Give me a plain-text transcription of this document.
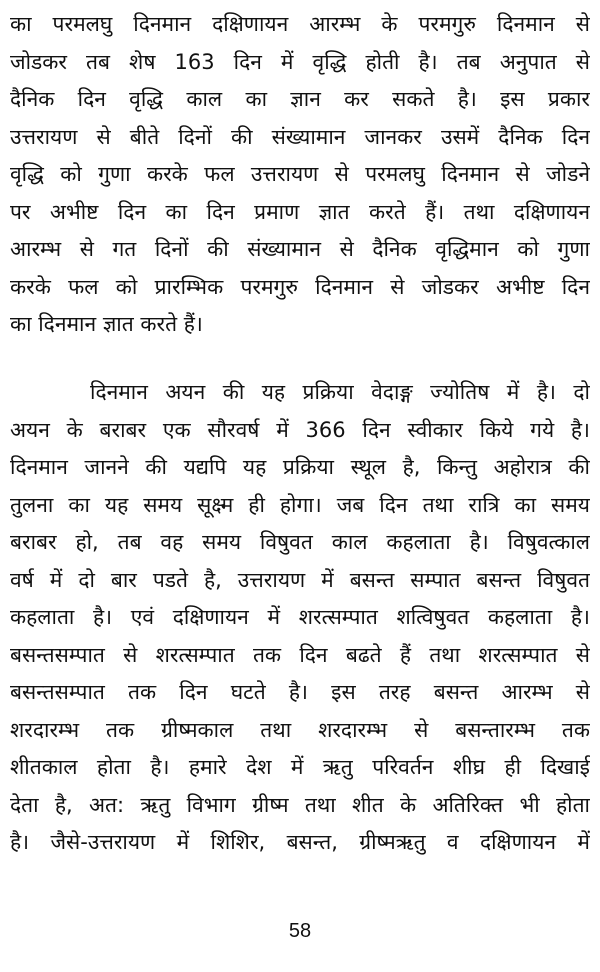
का परमलघु दिनमान दक्षिणायन आरम्भ के परमगुरु दिनमान से
जोडकर तब शेष 163 दिन में वृद्धि होती है। तब अनुपात से
दैनिक दिन वृद्धि काल का ज्ञान कर सकते है। इस प्रकार
उत्तरायण से बीते दिनों की संख्यामान जानकर उसमें दैनिक दिन
वृद्धि को गुणा करके फल उत्तरायण से परमलघु दिनमान से जोडने
पर अभीष्ट दिन का दिन प्रमाण ज्ञात करते हैं। तथा दक्षिणायन
आरम्भ से गत दिनों की संख्यामान से दैनिक वृद्धिमान को गुणा
करके फल को प्रारम्भिक परमगुरु दिनमान से जोडकर अभीष्ट दिन
का दिनमान ज्ञात करते हैं।
दिनमान अयन की यह प्रक्रिया वेदाङ्ग ज्योतिष में है। दो
अयन के बराबर एक सौरवर्ष में 366 दिन स्वीकार किये गये है।
दिनमान जानने की यद्यपि यह प्रक्रिया स्थूल है, किन्तु अहोरात्र की
तुलना का यह समय सूक्ष्म ही होगा। जब दिन तथा रात्रि का समय
बराबर हो, तब वह समय विषुवत काल कहलाता है। विषुवत्काल
वर्ष में दो बार पडते है, उत्तरायण में बसन्त सम्पात बसन्त विषुवत
कहलाता है। एवं दक्षिणायन में शरत्सम्पात शत्विषुवत कहलाता है।
बसन्तसम्पात से शरत्सम्पात तक दिन बढते हैं तथा शरत्सम्पात से
बसन्तसम्पात तक दिन घटते है। इस तरह बसन्त आरम्भ से
शरदारम्भ तक ग्रीष्मकाल तथा शरदारम्भ से बसन्तारम्भ तक
शीतकाल होता है। हमारे देश में ऋतु परिवर्तन शीघ्र ही दिखाई
देता है, अत: ऋतु विभाग ग्रीष्म तथा शीत के अतिरिक्त भी होता
है। जैसे-उत्तरायण में शिशिर, बसन्त, ग्रीष्मऋतु व दक्षिणायन में
58
